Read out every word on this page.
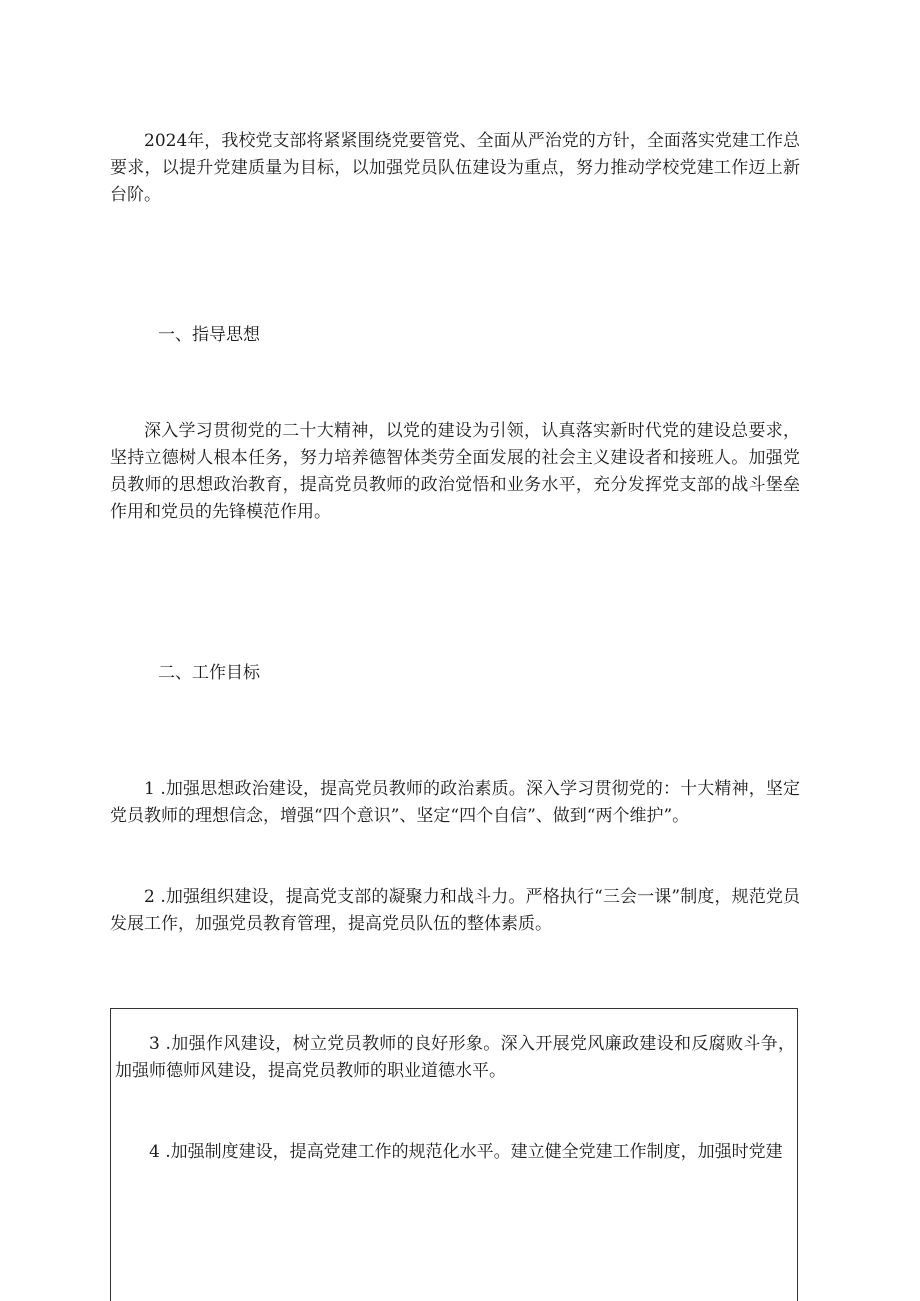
2024年，我校党支部将紧紧围绕党要管党、全面从严治党的方针，全面落实党建工作总要求，以提升党建质量为目标，以加强党员队伍建设为重点，努力推动学校党建工作迈上新台阶。

一、指导思想

深入学习贯彻党的二十大精神，以党的建设为引领，认真落实新时代党的建设总要求，坚持立德树人根本任务，努力培养德智体类劳全面发展的社会主义建设者和接班人。加强党员教师的思想政治教育，提高党员教师的政治觉悟和业务水平，充分发挥党支部的战斗堡垒作用和党员的先锋模范作用。

二、工作目标

1 .加强思想政治建设，提高党员教师的政治素质。深入学习贯彻党的：十大精神，坚定党员教师的理想信念，增强“四个意识”、坚定“四个自信”、做到“两个维护”。

2 .加强组织建设，提高党支部的凝聚力和战斗力。严格执行“三会一课”制度，规范党员发展工作，加强党员教育管理，提高党员队伍的整体素质。

3 .加强作风建设，树立党员教师的良好形象。深入开展党风廉政建设和反腐败斗争，加强师德师风建设，提高党员教师的职业道德水平。

4 .加强制度建设，提高党建工作的规范化水平。建立健全党建工作制度，加强时党建
